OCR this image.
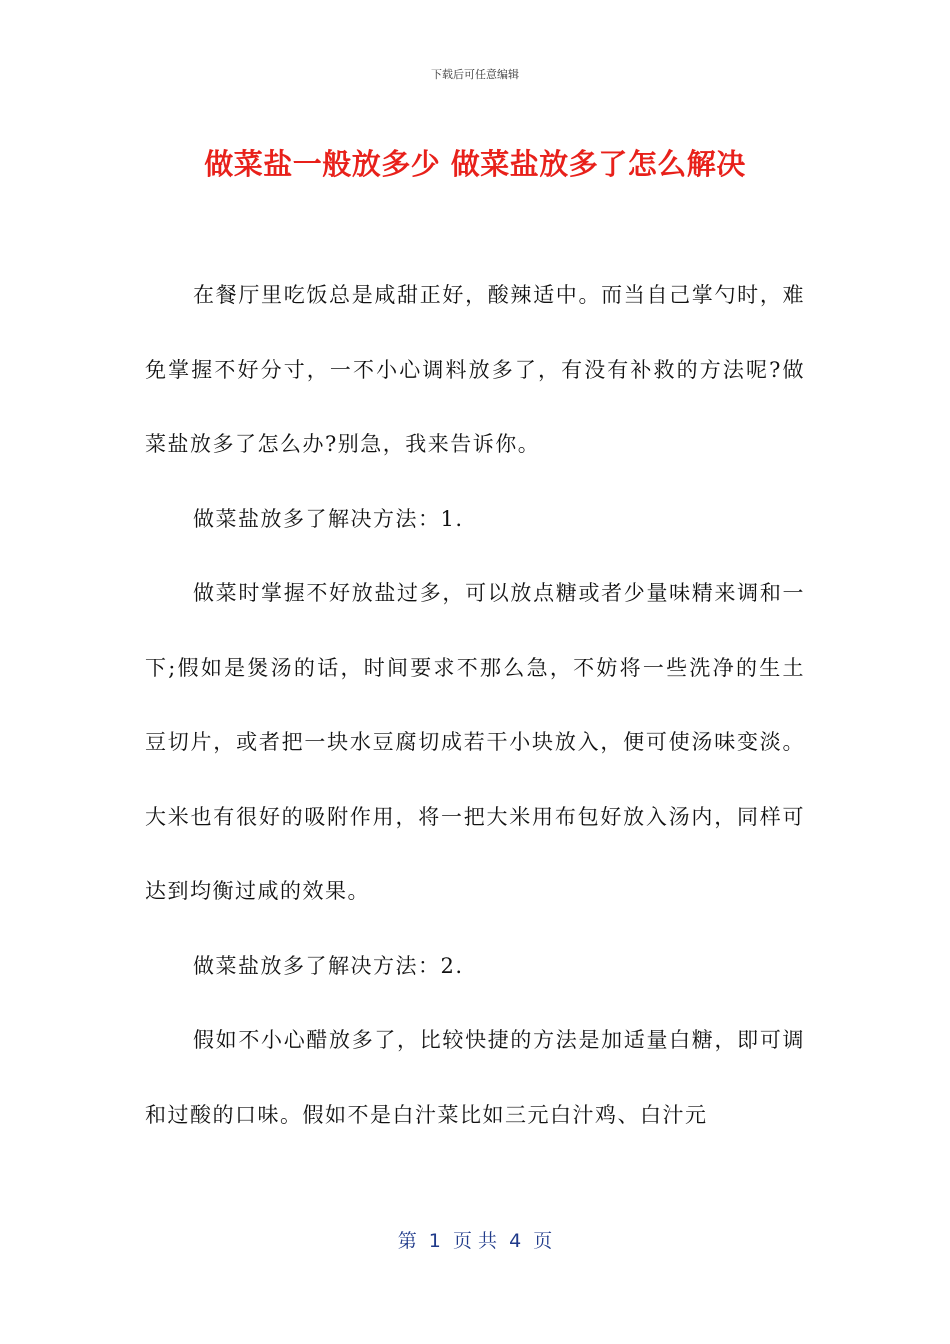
下载后可任意编辑
做菜盐一般放多少 做菜盐放多了怎么解决

在餐厅里吃饭总是咸甜正好，酸辣适中。而当自己掌勺时，难免掌握不好分寸，一不小心调料放多了，有没有补救的方法呢?做菜盐放多了怎么办?别急，我来告诉你。

做菜盐放多了解决方法：1.

做菜时掌握不好放盐过多，可以放点糖或者少量味精来调和一下;假如是煲汤的话，时间要求不那么急，不妨将一些洗净的生土豆切片，或者把一块水豆腐切成若干小块放入，便可使汤味变淡。大米也有很好的吸附作用，将一把大米用布包好放入汤内，同样可达到均衡过咸的效果。

做菜盐放多了解决方法：2.

假如不小心醋放多了，比较快捷的方法是加适量白糖，即可调和过酸的口味。假如不是白汁菜比如三元白汁鸡、白汁元

第  1  页 共  4  页
